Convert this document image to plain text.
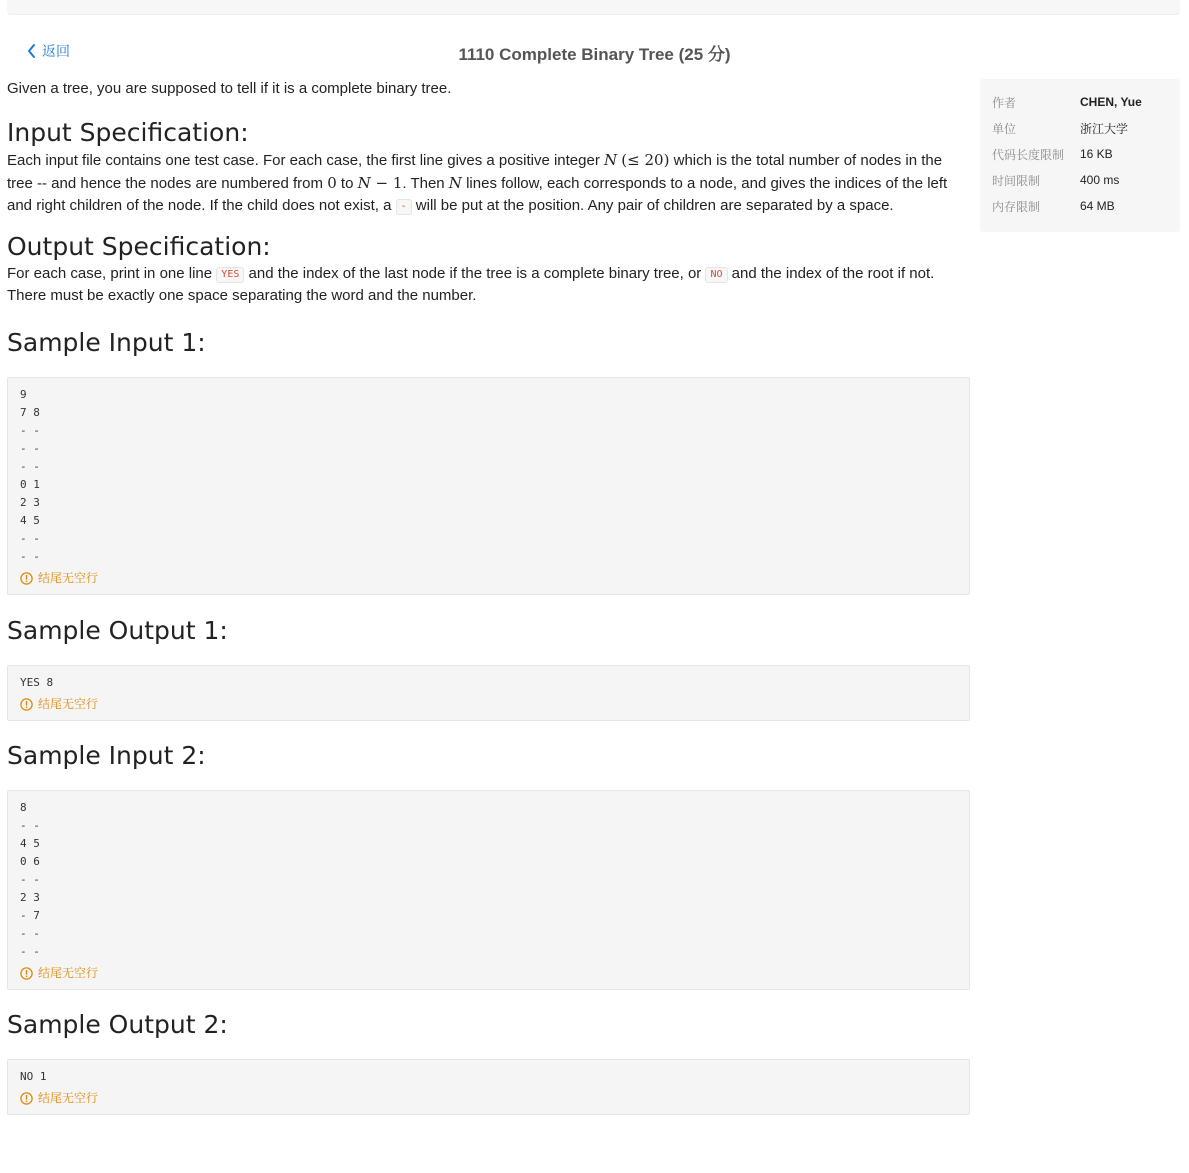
返回	1110 Complete Binary Tree (25 分)

Given a tree, you are supposed to tell if it is a complete binary tree.

Input Specification:

Each input file contains one test case. For each case, the first line gives a positive integer N (≤ 20) which is the total number of nodes in the tree -- and hence the nodes are numbered from 0 to N − 1. Then N lines follow, each corresponds to a node, and gives the indices of the left and right children of the node. If the child does not exist, a - will be put at the position. Any pair of children are separated by a space.

Output Specification:

For each case, print in one line YES and the index of the last node if the tree is a complete binary tree, or NO and the index of the root if not. There must be exactly one space separating the word and the number.

Sample Input 1:
9
7 8
- -
- -
- -
0 1
2 3
4 5
- -
- -
结尾无空行
Sample Output 1:
YES 8
结尾无空行
Sample Input 2:
8
- -
4 5
0 6
- -
2 3
- 7
- -
- -
结尾无空行
Sample Output 2:
NO 1
结尾无空行
作者	CHEN, Yue
单位	浙江大学
代码长度限制	16 KB
时间限制	400 ms
内存限制	64 MB
